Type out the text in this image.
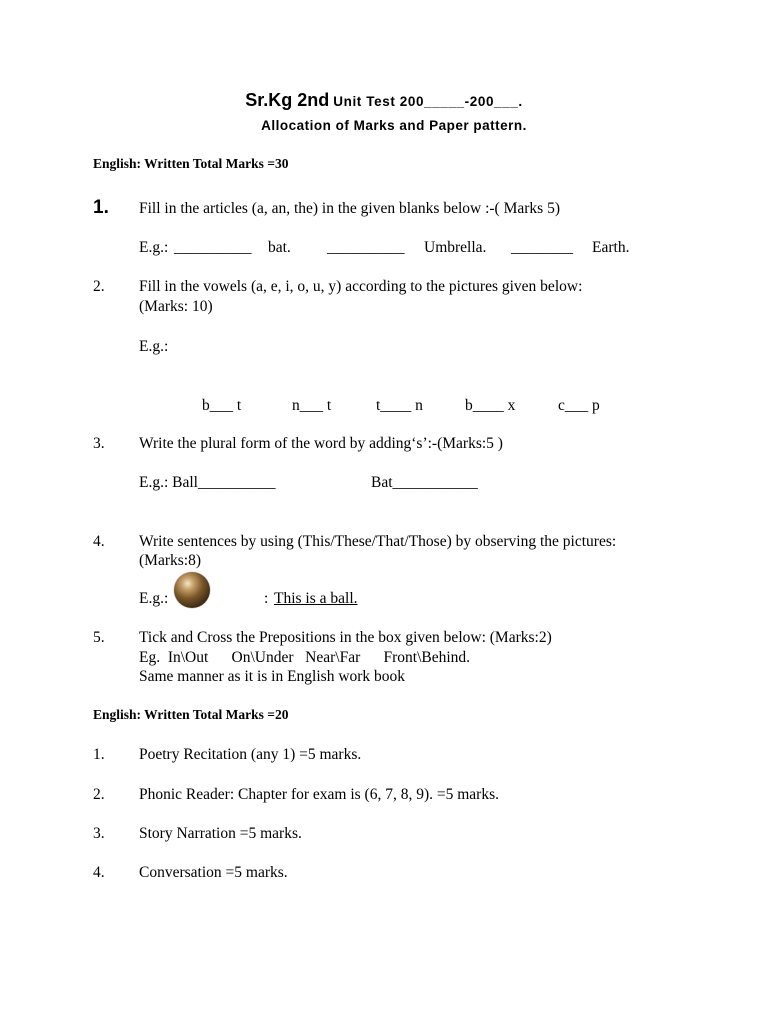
Sr.Kg 2nd Unit Test 200_____-200___.
Allocation of Marks and Paper pattern.
English: Written Total Marks =30
1. Fill in the articles (a, an, the) in the given blanks below :-( Marks 5)
E.g.: __________ bat. __________ Umbrella. ________ Earth.
2. Fill in the vowels (a, e, i, o, u, y) according to the pictures given below:
(Marks: 10)
E.g.:
b___ t	n___ t	t____ n	b____ x	c___ p
3. Write the plural form of the word by adding‘s’:-(Marks:5 )
E.g.: Ball__________	Bat___________
4. Write sentences by using (This/These/That/Those) by observing the pictures:
(Marks:8)
E.g.:	: This is a ball.
5. Tick and Cross the Prepositions in the box given below: (Marks:2)
Eg.  In\Out      On\Under   Near\Far      Front\Behind.
Same manner as it is in English work book
English: Written Total Marks =20
1. Poetry Recitation (any 1) =5 marks.
2. Phonic Reader: Chapter for exam is (6, 7, 8, 9). =5 marks.
3. Story Narration =5 marks.
4. Conversation =5 marks.
